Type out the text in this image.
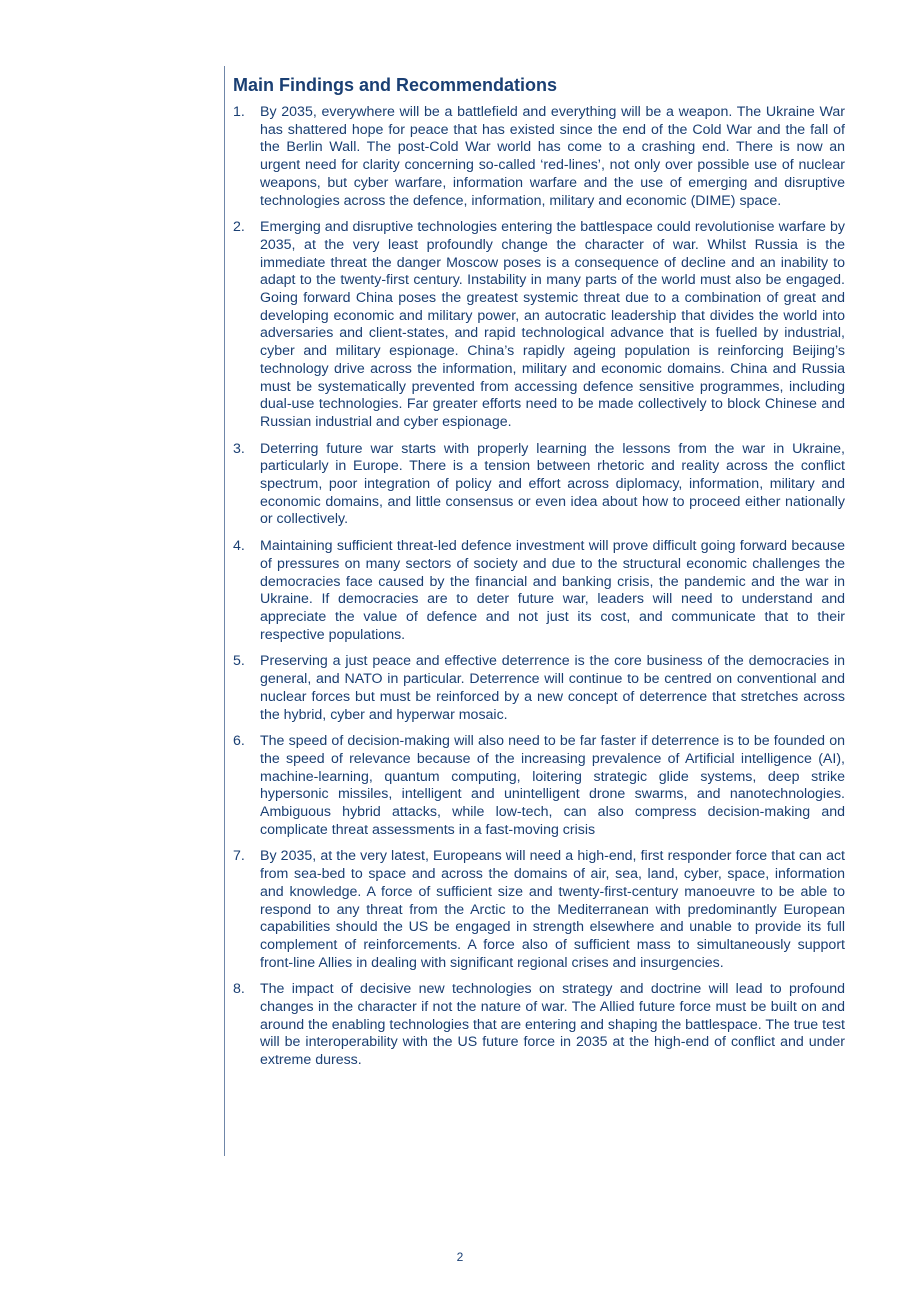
Main Findings and Recommendations
1. By 2035, everywhere will be a battlefield and everything will be a weapon. The Ukraine War has shattered hope for peace that has existed since the end of the Cold War and the fall of the Berlin Wall. The post-Cold War world has come to a crashing end. There is now an urgent need for clarity concerning so-called ‘red-lines’, not only over possible use of nuclear weapons, but cyber warfare, information warfare and the use of emerging and disruptive technologies across the defence, information, military and economic (DIME) space.
2. Emerging and disruptive technologies entering the battlespace could revolutionise warfare by 2035, at the very least profoundly change the character of war. Whilst Russia is the immediate threat the danger Moscow poses is a consequence of decline and an inability to adapt to the twenty-first century. Instability in many parts of the world must also be engaged. Going forward China poses the greatest systemic threat due to a combination of great and developing economic and military power, an autocratic leadership that divides the world into adversaries and client-states, and rapid technological advance that is fuelled by industrial, cyber and military espionage. China’s rapidly ageing population is reinforcing Beijing’s technology drive across the information, military and economic domains. China and Russia must be systematically prevented from accessing defence sensitive programmes, including dual-use technologies. Far greater efforts need to be made collectively to block Chinese and Russian industrial and cyber espionage.
3. Deterring future war starts with properly learning the lessons from the war in Ukraine, particularly in Europe. There is a tension between rhetoric and reality across the conflict spectrum, poor integration of policy and effort across diplomacy, information, military and economic domains, and little consensus or even idea about how to proceed either nationally or collectively.
4. Maintaining sufficient threat-led defence investment will prove difficult going forward because of pressures on many sectors of society and due to the structural economic challenges the democracies face caused by the financial and banking crisis, the pandemic and the war in Ukraine. If democracies are to deter future war, leaders will need to understand and appreciate the value of defence and not just its cost, and communicate that to their respective populations.
5. Preserving a just peace and effective deterrence is the core business of the democracies in general, and NATO in particular. Deterrence will continue to be centred on conventional and nuclear forces but must be reinforced by a new concept of deterrence that stretches across the hybrid, cyber and hyperwar mosaic.
6. The speed of decision-making will also need to be far faster if deterrence is to be founded on the speed of relevance because of the increasing prevalence of Artificial intelligence (AI), machine-learning, quantum computing, loitering strategic glide systems, deep strike hypersonic missiles, intelligent and unintelligent drone swarms, and nanotechnologies. Ambiguous hybrid attacks, while low-tech, can also compress decision-making and complicate threat assessments in a fast-moving crisis
7. By 2035, at the very latest, Europeans will need a high-end, first responder force that can act from sea-bed to space and across the domains of air, sea, land, cyber, space, information and knowledge. A force of sufficient size and twenty-first-century manoeuvre to be able to respond to any threat from the Arctic to the Mediterranean with predominantly European capabilities should the US be engaged in strength elsewhere and unable to provide its full complement of reinforcements. A force also of sufficient mass to simultaneously support front-line Allies in dealing with significant regional crises and insurgencies.
8. The impact of decisive new technologies on strategy and doctrine will lead to profound changes in the character if not the nature of war. The Allied future force must be built on and around the enabling technologies that are entering and shaping the battlespace. The true test will be interoperability with the US future force in 2035 at the high-end of conflict and under extreme duress.
2
